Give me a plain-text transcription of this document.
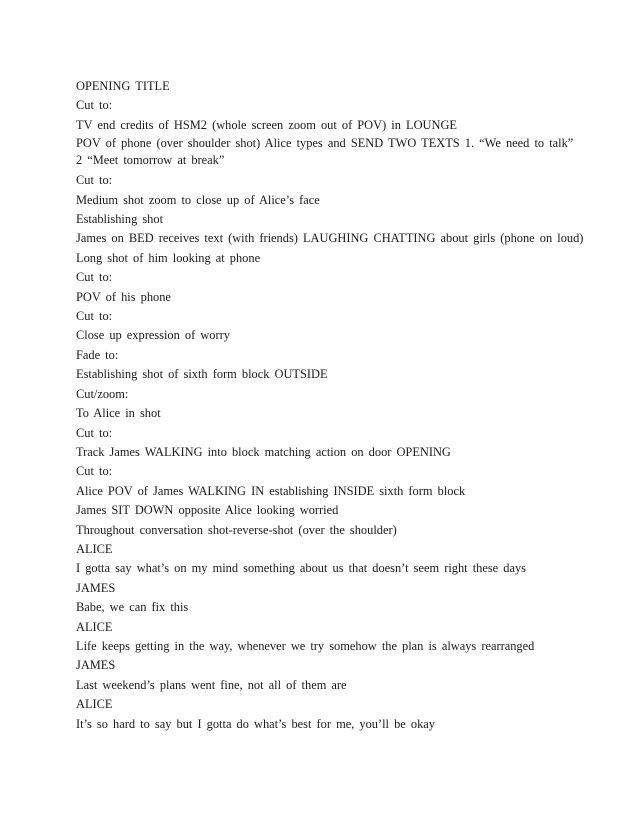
OPENING TITLE

Cut to:

TV end credits of HSM2 (whole screen zoom out of POV) in LOUNGE

POV of phone (over shoulder shot) Alice types and SEND TWO TEXTS 1. “We need to talk” 2 “Meet tomorrow at break”

Cut to:

Medium shot zoom to close up of Alice’s face

Establishing shot

James on BED receives text (with friends) LAUGHING CHATTING about girls (phone on loud)

Long shot of him looking at phone

Cut to:

POV of his phone

Cut to:

Close up expression of worry

Fade to:

Establishing shot of sixth form block OUTSIDE

Cut/zoom:

To Alice in shot

Cut to:

Track James WALKING into block matching action on door OPENING

Cut to:

Alice POV of James WALKING IN establishing INSIDE sixth form block

James SIT DOWN opposite Alice looking worried

Throughout conversation shot-reverse-shot (over the shoulder)

ALICE

I gotta say what’s on my mind something about us that doesn’t seem right these days

JAMES

Babe, we can fix this

ALICE

Life keeps getting in the way, whenever we try somehow the plan is always rearranged

JAMES

Last weekend’s plans went fine, not all of them are

ALICE

It’s so hard to say but I gotta do what’s best for me, you’ll be okay
